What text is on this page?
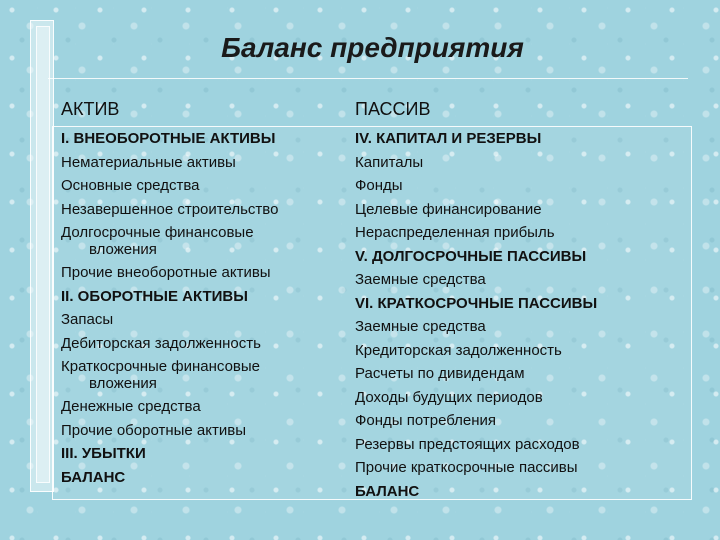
Баланс предприятия
АКТИВ
I. ВНЕОБОРОТНЫЕ АКТИВЫ
Нематериальные активы
Основные средства
Незавершенное строительство
Долгосрочные финансовые
вложения
Прочие внеоборотные активы
II. ОБОРОТНЫЕ АКТИВЫ
Запасы
Дебиторская задолженность
Краткосрочные финансовые
вложения
Денежные средства
Прочие оборотные активы
III. УБЫТКИ
БАЛАНС
ПАССИВ
IV. КАПИТАЛ И РЕЗЕРВЫ
Капиталы
Фонды
Целевые финансирование
Нераспределенная прибыль
V. ДОЛГОСРОЧНЫЕ ПАССИВЫ
Заемные средства
VI. КРАТКОСРОЧНЫЕ ПАССИВЫ
Заемные средства
Кредиторская задолженность
Расчеты по дивидендам
Доходы будущих периодов
Фонды потребления
Резервы предстоящих расходов
Прочие краткосрочные пассивы
БАЛАНС
